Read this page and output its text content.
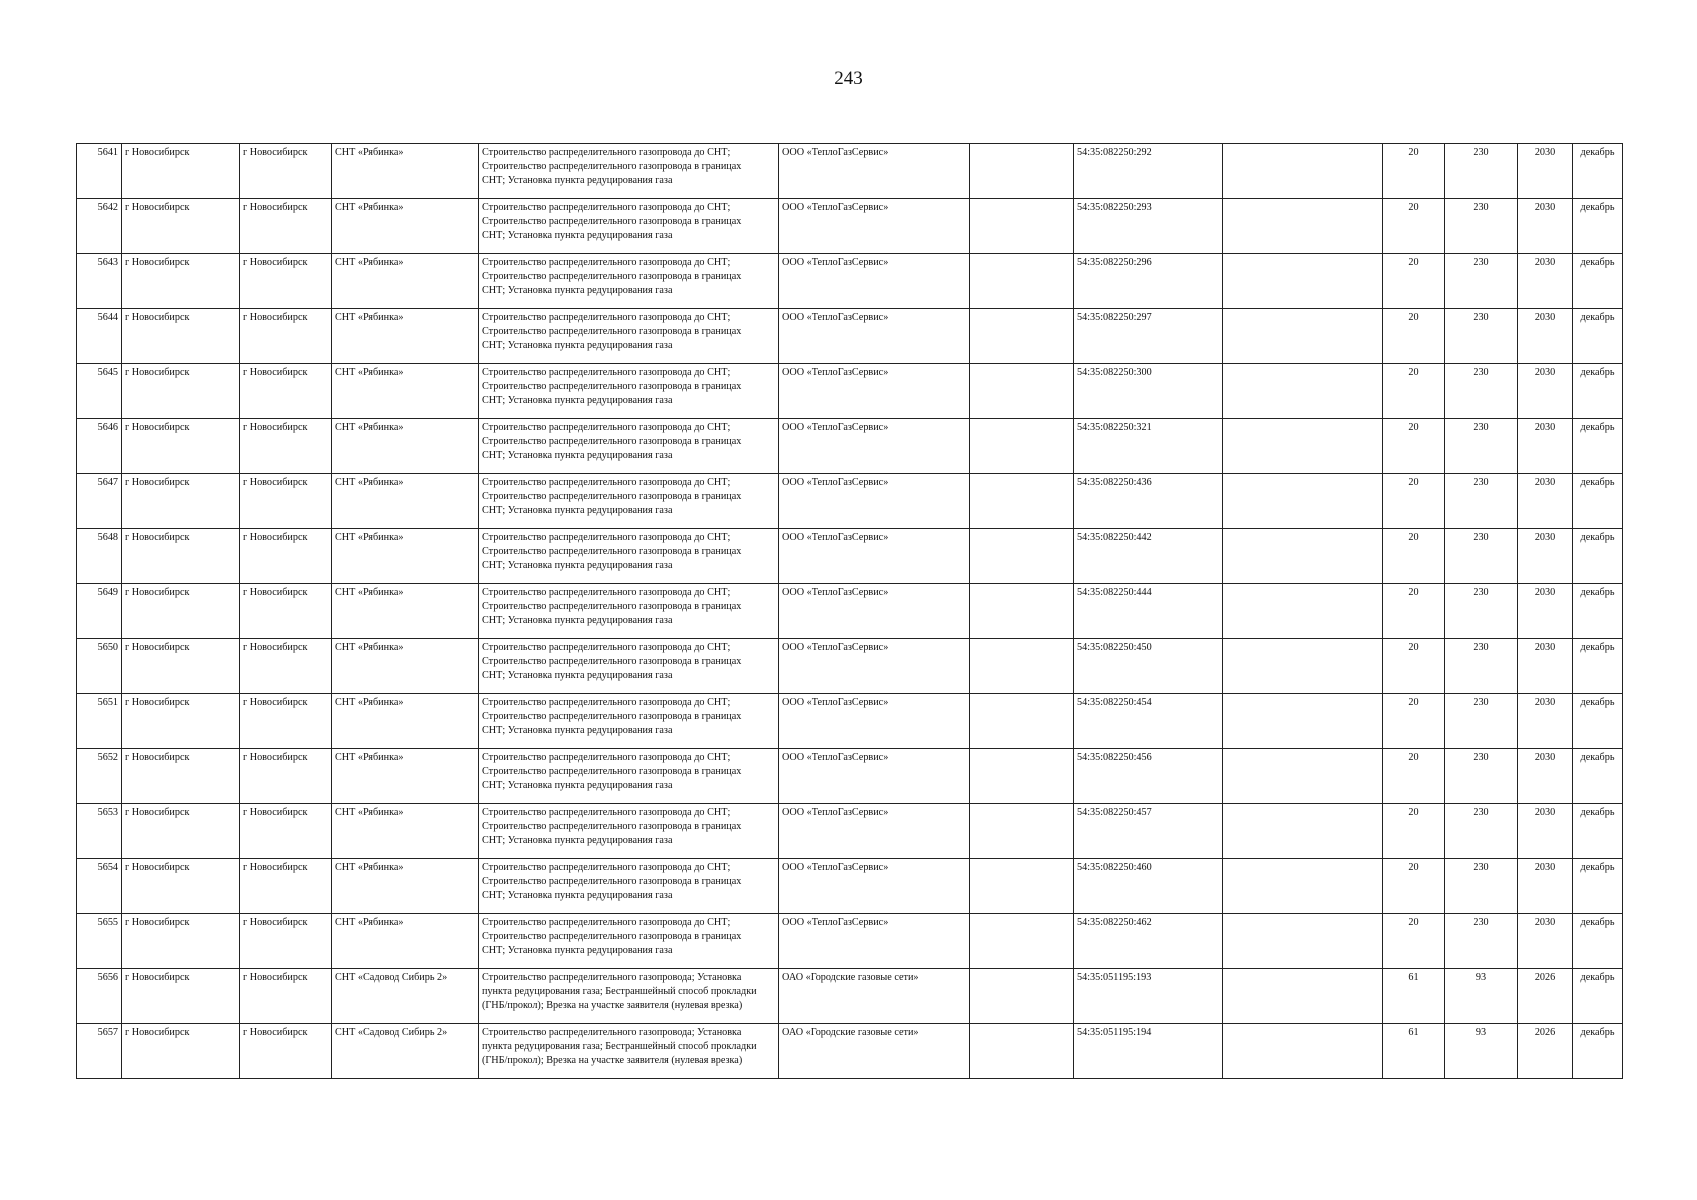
243
5641	г Новосибирск	г Новосибирск	СНТ «Рябинка»	Строительство распределительного газопровода до СНТ;
Строительство распределительного газопровода в границах
СНТ; Установка пункта редуцирования газа	ООО «ТеплоГазСервис»		54:35:082250:292		20	230	2030	декабрь
5642	г Новосибирск	г Новосибирск	СНТ «Рябинка»	Строительство распределительного газопровода до СНТ;
Строительство распределительного газопровода в границах
СНТ; Установка пункта редуцирования газа	ООО «ТеплоГазСервис»		54:35:082250:293		20	230	2030	декабрь
5643	г Новосибирск	г Новосибирск	СНТ «Рябинка»	Строительство распределительного газопровода до СНТ;
Строительство распределительного газопровода в границах
СНТ; Установка пункта редуцирования газа	ООО «ТеплоГазСервис»		54:35:082250:296		20	230	2030	декабрь
5644	г Новосибирск	г Новосибирск	СНТ «Рябинка»	Строительство распределительного газопровода до СНТ;
Строительство распределительного газопровода в границах
СНТ; Установка пункта редуцирования газа	ООО «ТеплоГазСервис»		54:35:082250:297		20	230	2030	декабрь
5645	г Новосибирск	г Новосибирск	СНТ «Рябинка»	Строительство распределительного газопровода до СНТ;
Строительство распределительного газопровода в границах
СНТ; Установка пункта редуцирования газа	ООО «ТеплоГазСервис»		54:35:082250:300		20	230	2030	декабрь
5646	г Новосибирск	г Новосибирск	СНТ «Рябинка»	Строительство распределительного газопровода до СНТ;
Строительство распределительного газопровода в границах
СНТ; Установка пункта редуцирования газа	ООО «ТеплоГазСервис»		54:35:082250:321		20	230	2030	декабрь
5647	г Новосибирск	г Новосибирск	СНТ «Рябинка»	Строительство распределительного газопровода до СНТ;
Строительство распределительного газопровода в границах
СНТ; Установка пункта редуцирования газа	ООО «ТеплоГазСервис»		54:35:082250:436		20	230	2030	декабрь
5648	г Новосибирск	г Новосибирск	СНТ «Рябинка»	Строительство распределительного газопровода до СНТ;
Строительство распределительного газопровода в границах
СНТ; Установка пункта редуцирования газа	ООО «ТеплоГазСервис»		54:35:082250:442		20	230	2030	декабрь
5649	г Новосибирск	г Новосибирск	СНТ «Рябинка»	Строительство распределительного газопровода до СНТ;
Строительство распределительного газопровода в границах
СНТ; Установка пункта редуцирования газа	ООО «ТеплоГазСервис»		54:35:082250:444		20	230	2030	декабрь
5650	г Новосибирск	г Новосибирск	СНТ «Рябинка»	Строительство распределительного газопровода до СНТ;
Строительство распределительного газопровода в границах
СНТ; Установка пункта редуцирования газа	ООО «ТеплоГазСервис»		54:35:082250:450		20	230	2030	декабрь
5651	г Новосибирск	г Новосибирск	СНТ «Рябинка»	Строительство распределительного газопровода до СНТ;
Строительство распределительного газопровода в границах
СНТ; Установка пункта редуцирования газа	ООО «ТеплоГазСервис»		54:35:082250:454		20	230	2030	декабрь
5652	г Новосибирск	г Новосибирск	СНТ «Рябинка»	Строительство распределительного газопровода до СНТ;
Строительство распределительного газопровода в границах
СНТ; Установка пункта редуцирования газа	ООО «ТеплоГазСервис»		54:35:082250:456		20	230	2030	декабрь
5653	г Новосибирск	г Новосибирск	СНТ «Рябинка»	Строительство распределительного газопровода до СНТ;
Строительство распределительного газопровода в границах
СНТ; Установка пункта редуцирования газа	ООО «ТеплоГазСервис»		54:35:082250:457		20	230	2030	декабрь
5654	г Новосибирск	г Новосибирск	СНТ «Рябинка»	Строительство распределительного газопровода до СНТ;
Строительство распределительного газопровода в границах
СНТ; Установка пункта редуцирования газа	ООО «ТеплоГазСервис»		54:35:082250:460		20	230	2030	декабрь
5655	г Новосибирск	г Новосибирск	СНТ «Рябинка»	Строительство распределительного газопровода до СНТ;
Строительство распределительного газопровода в границах
СНТ; Установка пункта редуцирования газа	ООО «ТеплоГазСервис»		54:35:082250:462		20	230	2030	декабрь
5656	г Новосибирск	г Новосибирск	СНТ «Садовод Сибирь 2»	Строительство распределительного газопровода; Установка
пункта редуцирования газа; Бестраншейный способ прокладки
(ГНБ/прокол); Врезка на участке заявителя (нулевая врезка)	ОАО «Городские газовые сети»		54:35:051195:193		61	93	2026	декабрь
5657	г Новосибирск	г Новосибирск	СНТ «Садовод Сибирь 2»	Строительство распределительного газопровода; Установка
пункта редуцирования газа; Бестраншейный способ прокладки
(ГНБ/прокол); Врезка на участке заявителя (нулевая врезка)	ОАО «Городские газовые сети»		54:35:051195:194		61	93	2026	декабрь
